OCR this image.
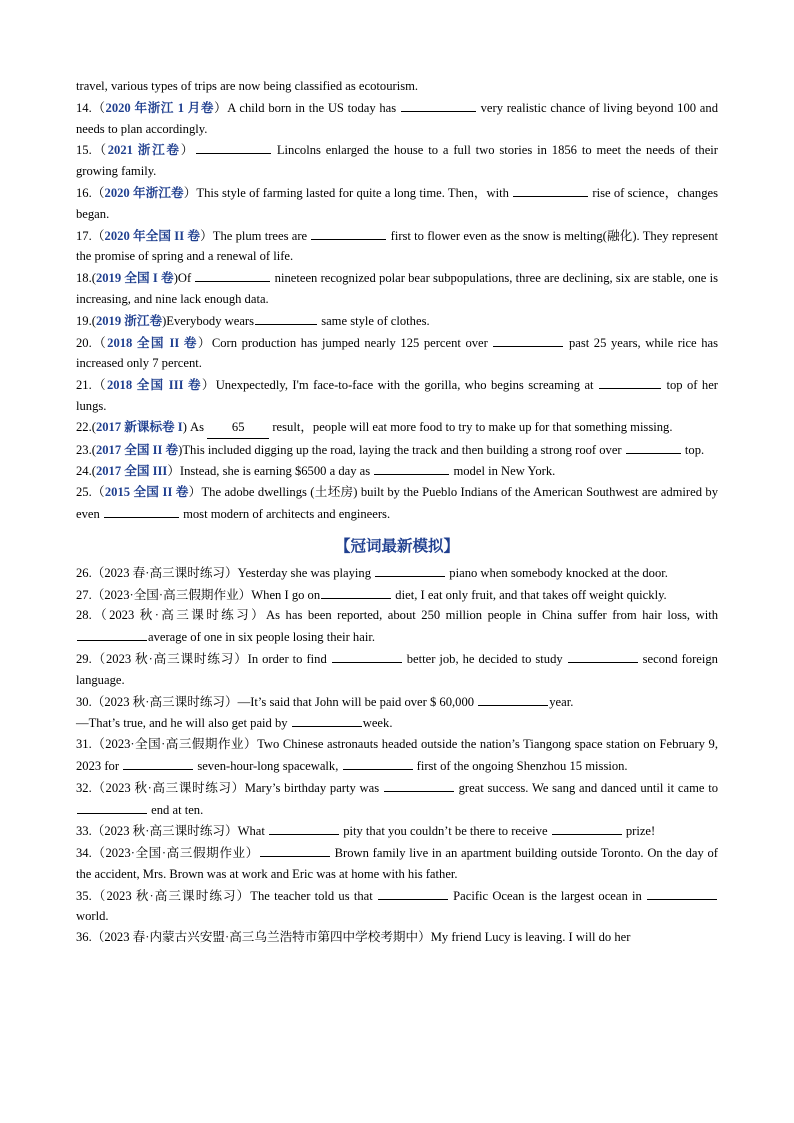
travel, various types of trips are now being classified as ecotourism.

14.（2020 年浙江 1 月卷）A child born in the US today has	very realistic chance of living beyond 100 and needs to plan accordingly.

15.（2021 浙江卷）	Lincolns enlarged the house to a full two stories in 1856 to meet the needs of their growing family.

16.（2020 年浙江卷）This style of farming lasted for quite a long time. Then，with	rise of science，changes began.

17.（2020 年全国 II 卷）The plum trees are	first to flower even as the snow is melting(融化). They represent the promise of spring and a renewal of life.

18.(2019 全国 I 卷)Of	nineteen recognized polar bear subpopulations, three are declining, six are stable, one is increasing, and nine lack enough data.

19.(2019 浙江卷)Everybody wears	same style of clothes.

20.（2018 全国 II 卷）Corn production has jumped nearly 125 percent over	past 25 years, while rice has increased only 7 percent.

21.（2018 全国 III 卷）Unexpectedly, I'm face-to-face with the gorilla, who begins screaming at	top of her lungs.

22.(2017 新课标卷 I) As 65 result，people will eat more food to try to make up for that something missing.

23.(2017 全国 II 卷)This included digging up the road, laying the track and then building a strong roof over	top.

24.(2017 全国 III）Instead, she is earning $6500 a day as	model in New York.

25.（2015 全国 II 卷）The adobe dwellings (土坯房) built by the Pueblo Indians of the American Southwest are admired by even	most modern of architects and engineers.

【冠词最新模拟】

26.（2023 春·高三课时练习）Yesterday she was playing	piano when somebody knocked at the door.

27.（2023·全国·高三假期作业）When I go on	diet, I eat only fruit, and that takes off weight quickly.

28.（2023 秋·高三课时练习）As has been reported, about 250 million people in China suffer from hair loss, with average of one in six people losing their hair.

29.（2023 秋·高三课时练习）In order to find	better job, he decided to study	second foreign language.

30.（2023 秋·高三课时练习）—It’s said that John will be paid over $ 60,000	year.
—That’s true, and he will also get paid by	week.

31.（2023·全国·高三假期作业）Two Chinese astronauts headed outside the nation’s Tiangong space station on February 9, 2023 for	seven-hour-long spacewalk,	first of the ongoing Shenzhou 15 mission.

32.（2023 秋·高三课时练习）Mary’s birthday party was	great success. We sang and danced until it came to end at ten.

33.（2023 秋·高三课时练习）What	pity that you couldn’t be there to receive	prize!

34.（2023·全国·高三假期作业）	Brown family live in an apartment building outside Toronto. On the day of the accident, Mrs. Brown was at work and Eric was at home with his father.

35.（2023 秋·高三课时练习）The teacher told us that	Pacific Ocean is the largest ocean in  world.

36.（2023 春·内蒙古兴安盟·高三乌兰浩特市第四中学校考期中）My friend Lucy is leaving. I will do her
